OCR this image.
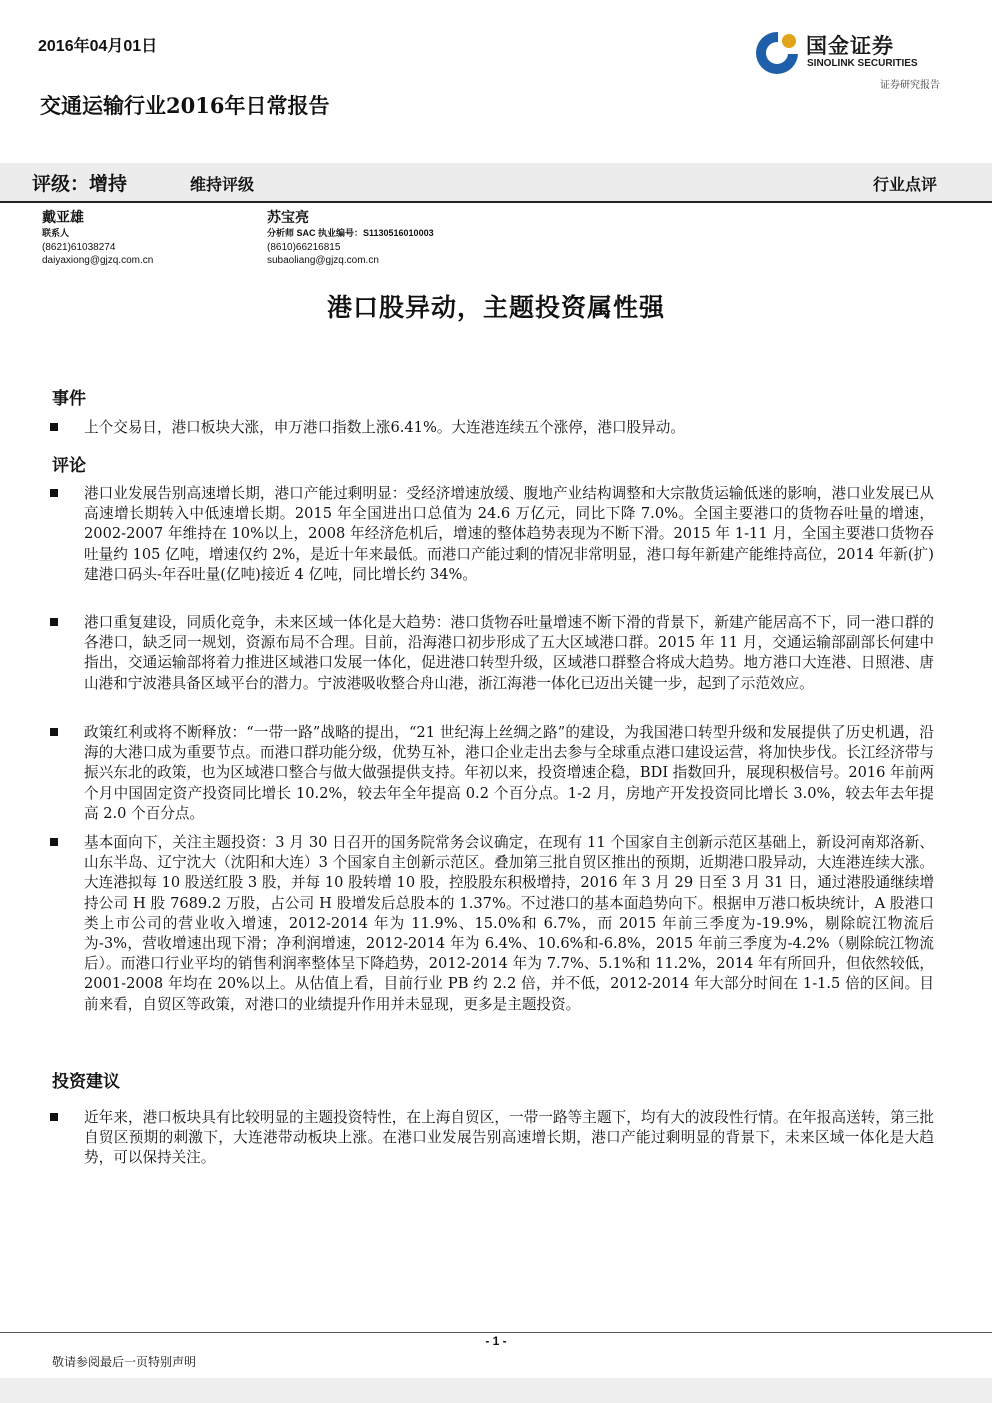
2016年04月01日	国金证券
SINOLINK SECURITIES
证券研究报告
交通运输行业2016年日常报告
评级：增持	维持评级	行业点评
戴亚雄
联系人
(8621)61038274
daiyaxiong@gjzq.com.cn
苏宝亮
分析师 SAC 执业编号：S1130516010003
(8610)66216815
subaoliang@gjzq.com.cn
港口股异动，主题投资属性强
事件

上个交易日，港口板块大涨，申万港口指数上涨6.41%。大连港连续五个涨停，港口股异动。

评论

港口业发展告别高速增长期，港口产能过剩明显：受经济增速放缓、腹地产业结构调整和大宗散货运输低迷的影响，港口业发展已从高速增长期转入中低速增长期。2015 年全国进出口总值为 24.6 万亿元，同比下降 7.0%。全国主要港口的货物吞吐量的增速，2002-2007 年维持在 10%以上，2008 年经济危机后，增速的整体趋势表现为不断下滑。2015 年 1-11 月，全国主要港口货物吞吐量约 105 亿吨，增速仅约 2%，是近十年来最低。而港口产能过剩的情况非常明显，港口每年新建产能维持高位，2014 年新(扩)建港口码头-年吞吐量(亿吨)接近 4 亿吨，同比增长约 34%。

港口重复建设，同质化竞争，未来区域一体化是大趋势：港口货物吞吐量增速不断下滑的背景下，新建产能居高不下，同一港口群的各港口，缺乏同一规划，资源布局不合理。目前，沿海港口初步形成了五大区域港口群。2015 年 11 月，交通运输部副部长何建中指出，交通运输部将着力推进区域港口发展一体化，促进港口转型升级，区域港口群整合将成大趋势。地方港口大连港、日照港、唐山港和宁波港具备区域平台的潜力。宁波港吸收整合舟山港，浙江海港一体化已迈出关键一步，起到了示范效应。

政策红利或将不断释放：“一带一路”战略的提出，“21 世纪海上丝绸之路”的建设，为我国港口转型升级和发展提供了历史机遇，沿海的大港口成为重要节点。而港口群功能分级，优势互补，港口企业走出去参与全球重点港口建设运营，将加快步伐。长江经济带与振兴东北的政策，也为区域港口整合与做大做强提供支持。年初以来，投资增速企稳，BDI 指数回升，展现积极信号。2016 年前两个月中国固定资产投资同比增长 10.2%，较去年全年提高 0.2 个百分点。1-2 月，房地产开发投资同比增长 3.0%，较去年去年提高 2.0 个百分点。

基本面向下，关注主题投资：3 月 30 日召开的国务院常务会议确定，在现有 11 个国家自主创新示范区基础上，新设河南郑洛新、山东半岛、辽宁沈大（沈阳和大连）3 个国家自主创新示范区。叠加第三批自贸区推出的预期，近期港口股异动，大连港连续大涨。大连港拟每 10 股送红股 3 股，并每 10 股转增 10 股，控股股东积极增持，2016 年 3 月 29 日至 3 月 31 日，通过港股通继续增持公司 H 股 7689.2 万股，占公司 H 股增发后总股本的 1.37%。不过港口的基本面趋势向下。根据申万港口板块统计，A 股港口类上市公司的营业收入增速，2012-2014 年为 11.9%、15.0%和 6.7%，而 2015 年前三季度为-19.9%，剔除皖江物流后为-3%，营收增速出现下滑；净利润增速，2012-2014 年为 6.4%、10.6%和-6.8%，2015 年前三季度为-4.2%（剔除皖江物流后）。而港口行业平均的销售利润率整体呈下降趋势，2012-2014 年为 7.7%、5.1%和 11.2%，2014 年有所回升，但依然较低，2001-2008 年均在 20%以上。从估值上看，目前行业 PB 约 2.2 倍，并不低，2012-2014 年大部分时间在 1-1.5 倍的区间。目前来看，自贸区等政策，对港口的业绩提升作用并未显现，更多是主题投资。

投资建议

近年来，港口板块具有比较明显的主题投资特性，在上海自贸区，一带一路等主题下，均有大的波段性行情。在年报高送转，第三批自贸区预期的刺激下，大连港带动板块上涨。在港口业发展告别高速增长期，港口产能过剩明显的背景下，未来区域一体化是大趋势，可以保持关注。

- 1 -
敬请参阅最后一页特别声明
